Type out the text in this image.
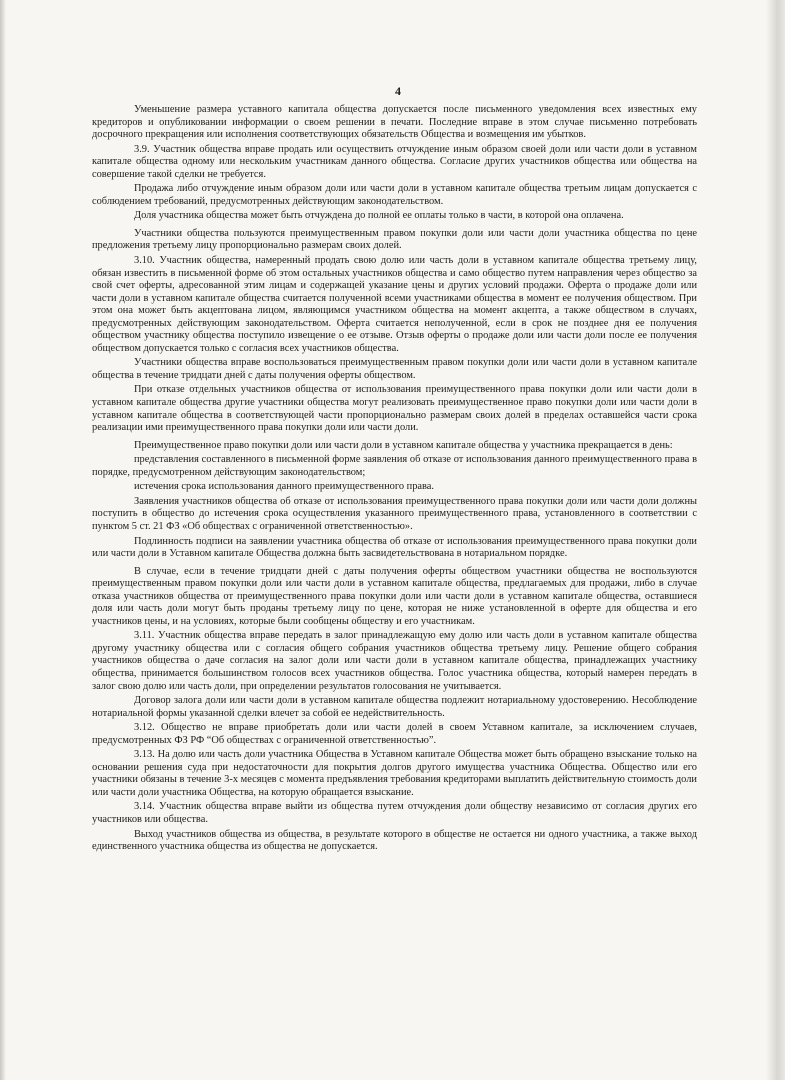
4

Уменьшение размера уставного капитала общества допускается после письменного уведомления всех известных ему кредиторов и опубликовании информации о своем решении в печати. Последние вправе в этом случае письменно потребовать досрочного прекращения или исполнения соответствующих обязательств Общества и возмещения им убытков.

3.9. Участник общества вправе продать или осуществить отчуждение иным образом своей доли или части доли в уставном капитале общества одному или нескольким участникам данного общества. Согласие других участников общества или общества на совершение такой сделки не требуется.

Продажа либо отчуждение иным образом доли или части доли в уставном капитале общества третьим лицам допускается с соблюдением требований, предусмотренных действующим законодательством.

Доля участника общества может быть отчуждена до полной ее оплаты только в части, в которой она оплачена.

Участники общества пользуются преимущественным правом покупки доли или части доли участника общества по цене предложения третьему лицу пропорционально размерам своих долей.

3.10. Участник общества, намеренный продать свою долю или часть доли в уставном капитале общества третьему лицу, обязан известить в письменной форме об этом остальных участников общества и само общество путем направления через общество за свой счет оферты, адресованной этим лицам и содержащей указание цены и других условий продажи. Оферта о продаже доли или части доли в уставном капитале общества считается полученной всеми участниками общества в момент ее получения обществом. При этом она может быть акцептована лицом, являющимся участником общества на момент акцепта, а также обществом в случаях, предусмотренных действующим законодательством. Оферта считается неполученной, если в срок не позднее дня ее получения обществом участнику общества поступило извещение о ее отзыве. Отзыв оферты о продаже доли или части доли после ее получения обществом допускается только с согласия всех участников общества.

Участники общества вправе воспользоваться преимущественным правом покупки доли или части доли в уставном капитале общества в течение тридцати дней с даты получения оферты обществом.

При отказе отдельных участников общества от использования преимущественного права покупки доли или части доли в уставном капитале общества другие участники общества могут реализовать преимущественное право покупки доли или части доли в уставном капитале общества в соответствующей части пропорционально размерам своих долей в пределах оставшейся части срока реализации ими преимущественного права покупки доли или части доли.

Преимущественное право покупки доли или части доли в уставном капитале общества у участника прекращается в день:

представления составленного в письменной форме заявления об отказе от использования данного преимущественного права в порядке, предусмотренном действующим законодательством;

истечения срока использования данного преимущественного права.

Заявления участников общества об отказе от использования преимущественного права покупки доли или части доли должны поступить в общество до истечения срока осуществления указанного преимущественного права, установленного в соответствии с пунктом 5 ст. 21 ФЗ «Об обществах с ограниченной ответственностью».

Подлинность подписи на заявлении участника общества об отказе от использования преимущественного права покупки доли или части доли в Уставном капитале Общества должна быть засвидетельствована в нотариальном порядке.

В случае, если в течение тридцати дней с даты получения оферты обществом участники общества не воспользуются преимущественным правом покупки доли или части доли в уставном капитале общества, предлагаемых для продажи, либо в случае отказа участников общества от преимущественного права покупки доли или части доли в уставном капитале общества, оставшиеся доля или часть доли могут быть проданы третьему лицу по цене, которая не ниже установленной в оферте для общества и его участников цены, и на условиях, которые были сообщены обществу и его участникам.

3.11. Участник общества вправе передать в залог принадлежащую ему долю или часть доли в уставном капитале общества другому участнику общества или с согласия общего собрания участников общества третьему лицу. Решение общего собрания участников общества о даче согласия на залог доли или части доли в уставном капитале общества, принадлежащих участнику общества, принимается большинством голосов всех участников общества. Голос участника общества, который намерен передать в залог свою долю или часть доли, при определении результатов голосования не учитывается.

Договор залога доли или части доли в уставном капитале общества подлежит нотариальному удостоверению. Несоблюдение нотариальной формы указанной сделки влечет за собой ее недействительность.

3.12. Общество не вправе приобретать доли или части долей в своем Уставном капитале, за исключением случаев, предусмотренных ФЗ РФ “Об обществах с ограниченной ответственностью”.

3.13. На долю или часть доли участника Общества в Уставном капитале Общества может быть обращено взыскание только на основании решения суда при недостаточности для покрытия долгов другого имущества участника Общества. Общество или его участники обязаны в течение 3-х месяцев с момента предъявления требования кредиторами выплатить действительную стоимость доли или части доли участника Общества, на которую обращается взыскание.

3.14. Участник общества вправе выйти из общества путем отчуждения доли обществу независимо от согласия других его участников или общества.

Выход участников общества из общества, в результате которого в обществе не остается ни одного участника, а также выход единственного участника общества из общества не допускается.
